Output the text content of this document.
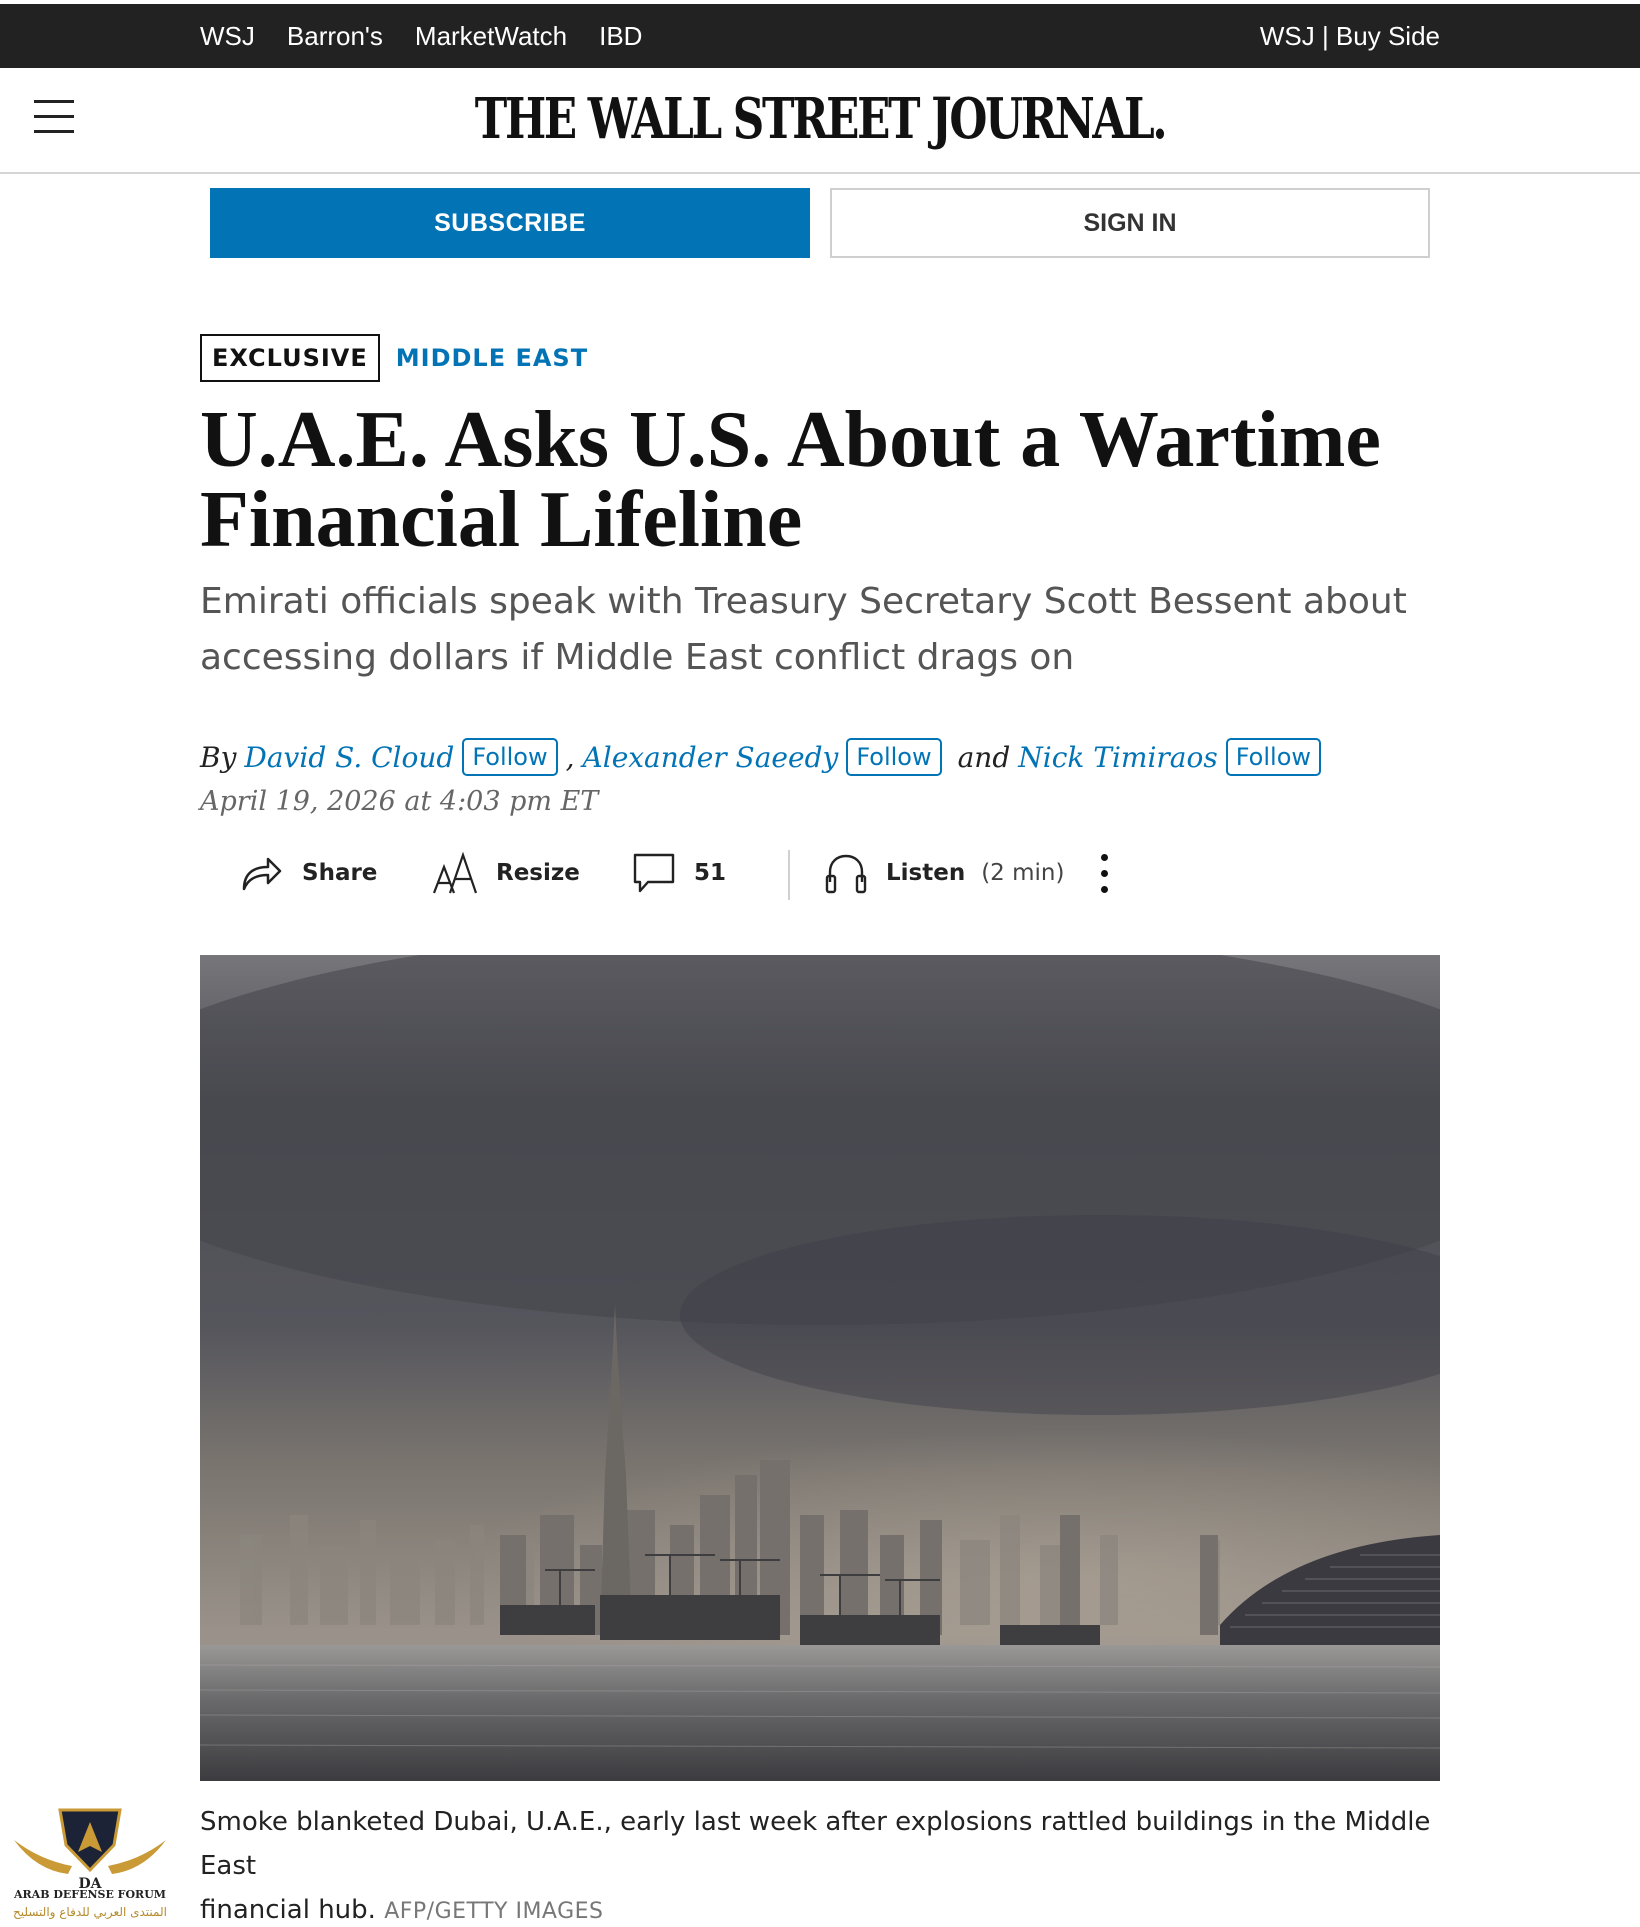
WSJ Barron's MarketWatch IBD	WSJ | Buy Side
THE WALL STREET JOURNAL.
SUBSCRIBE	SIGN IN
EXCLUSIVE	MIDDLE EAST
U.A.E. Asks U.S. About a Wartime
Financial Lifeline
Emirati officials speak with Treasury Secretary Scott Bessent about
accessing dollars if Middle East conflict drags on
By David S. Cloud Follow , Alexander Saeedy Follow and Nick Timiraos Follow
April 19, 2026 at 4:03 pm ET
Share	Resize	51	Listen (2 min)
Smoke blanketed Dubai, U.A.E., early last week after explosions rattled buildings in the Middle East
financial hub. AFP/GETTY IMAGES
DA
ARAB DEFENSE FORUM
المنتدى العربي للدفاع والتسليح
